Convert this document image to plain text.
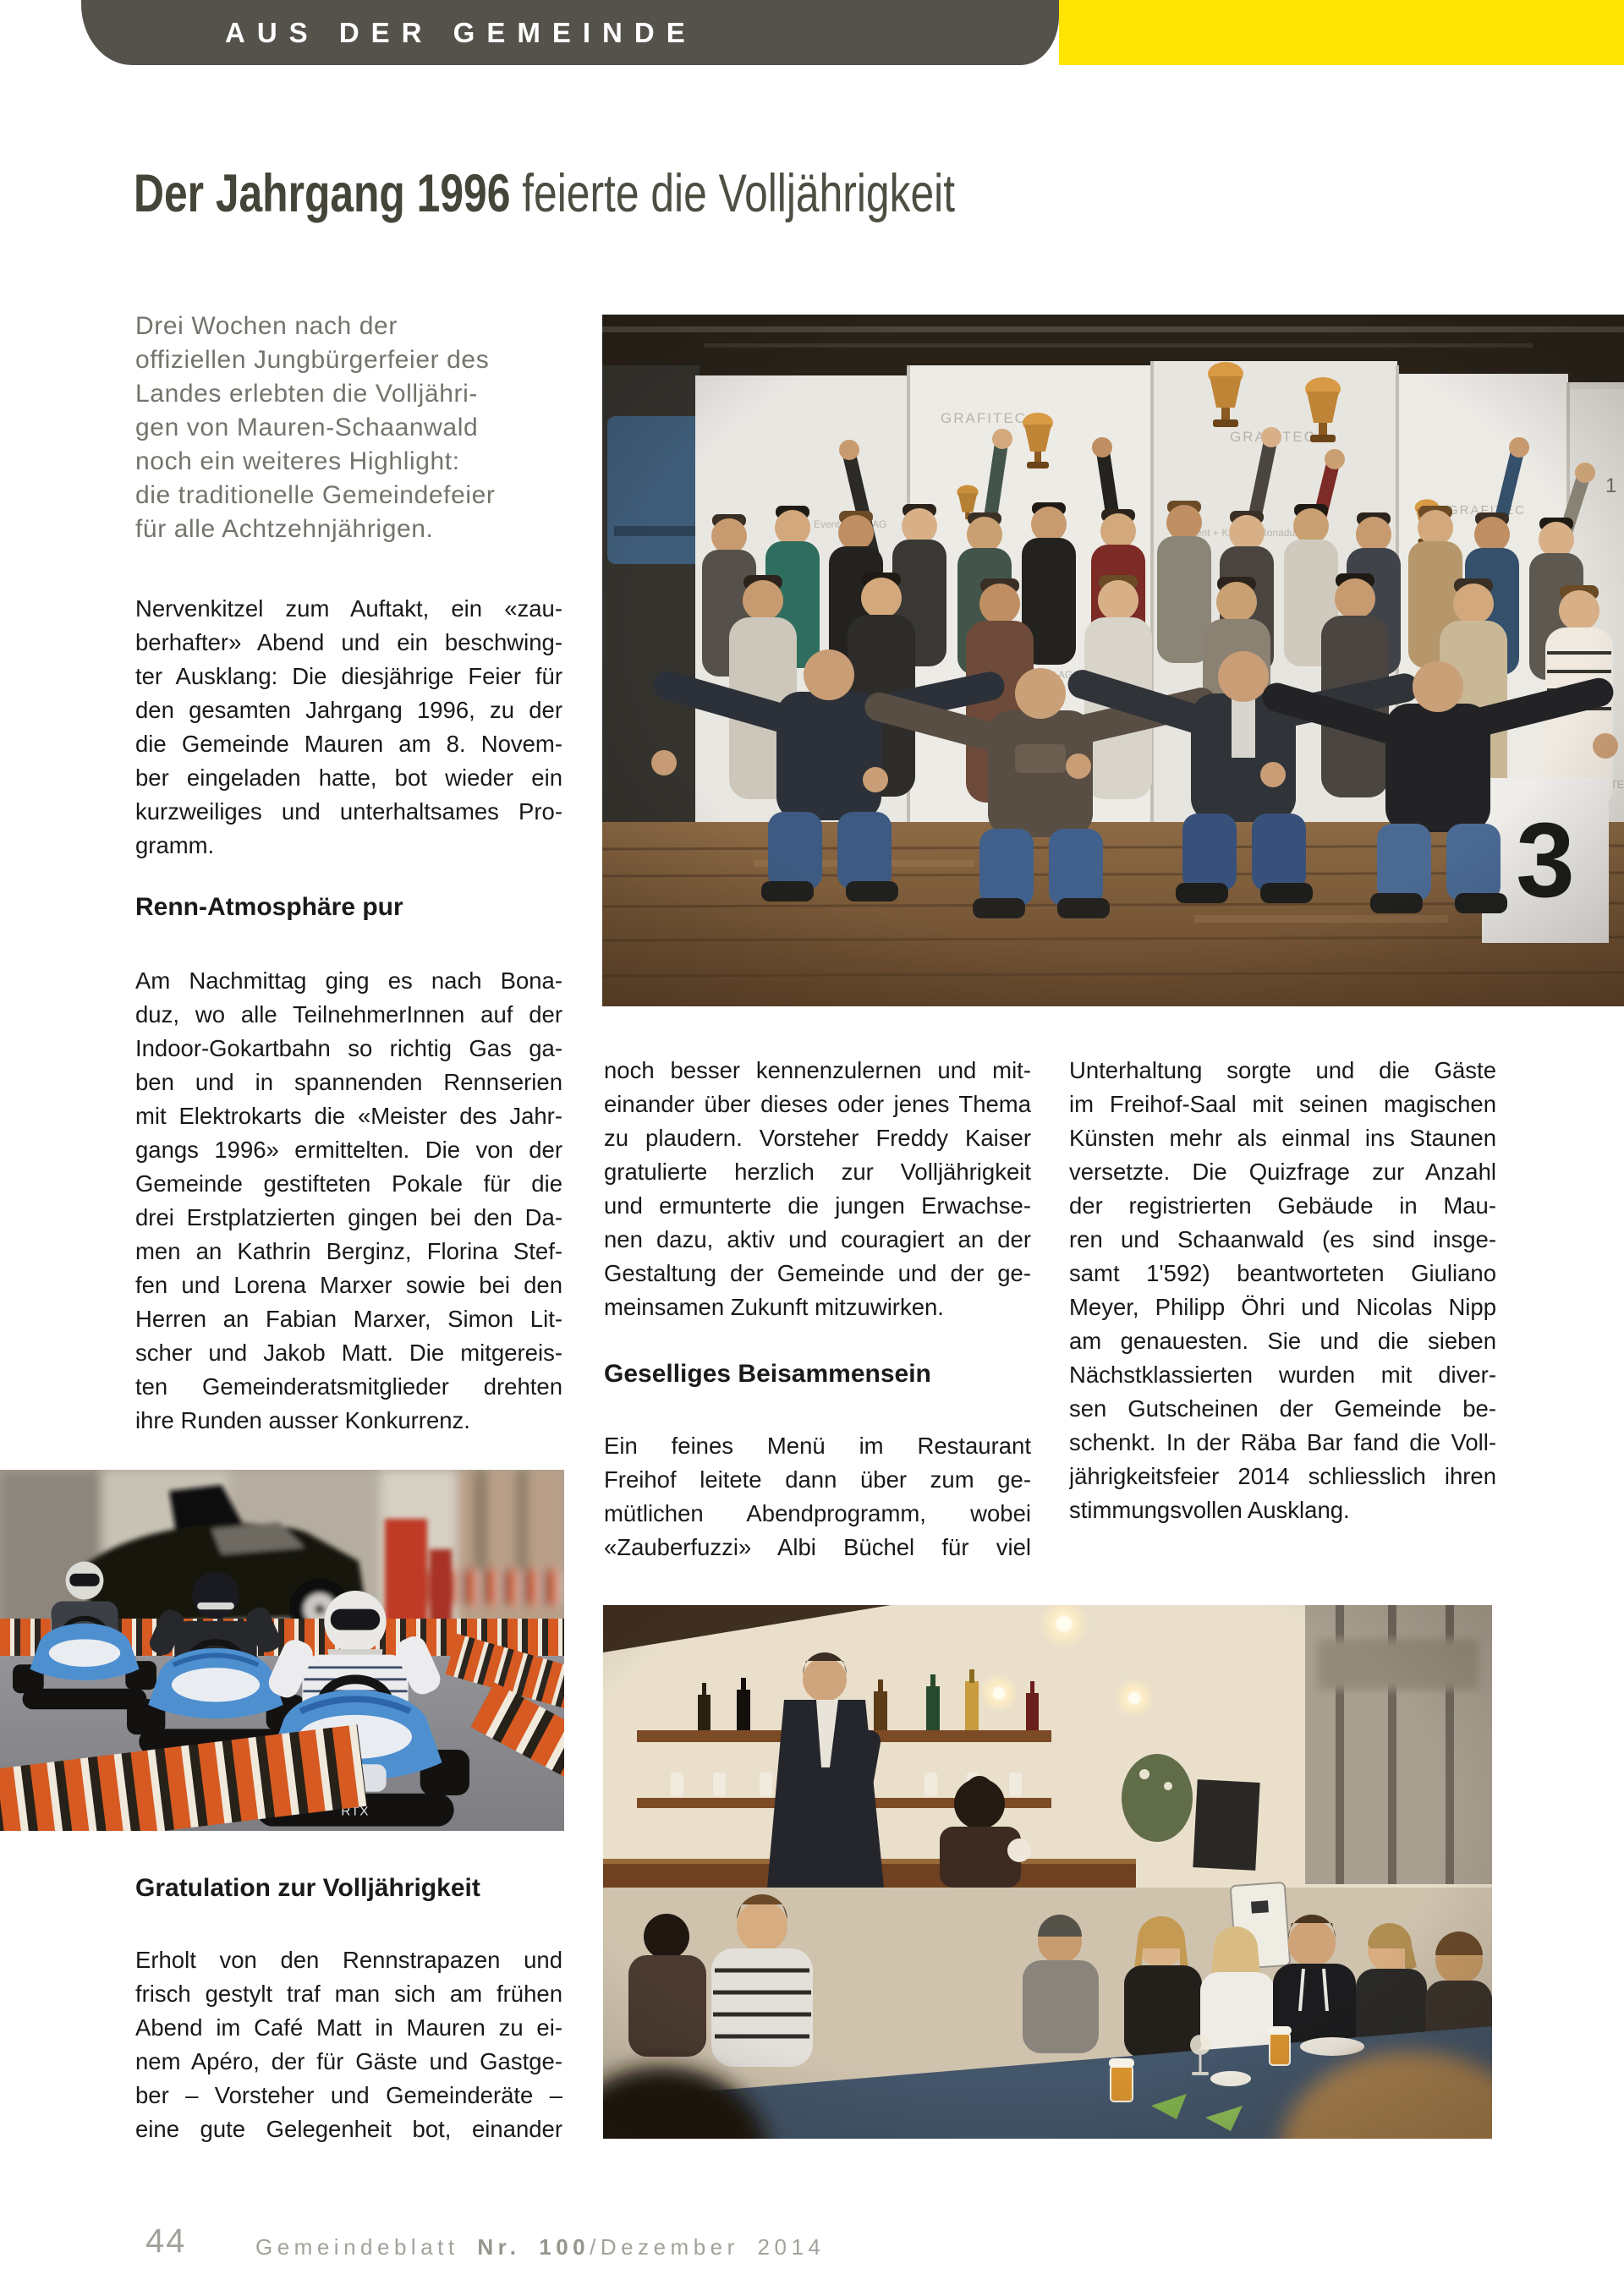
AUS DER GEMEINDE
Der Jahrgang 1996 feierte die Volljährigkeit
Drei Wochen nach der
offiziellen Jungbürgerfeier des
Landes erlebten die Volljähri-
gen von Mauren-Schaanwald
noch ein weiteres Highlight:
die traditionelle Gemeindefeier
für alle Achtzehnjährigen.
Nervenkitzel zum Auftakt, ein «zau-
berhafter» Abend und ein beschwing-
ter Ausklang: Die diesjährige Feier für
den gesamten Jahrgang 1996, zu der
die Gemeinde Mauren am 8. Novem-
ber eingeladen hatte, bot wieder ein
kurzweiliges und unterhaltsames Pro-
gramm.
Renn-Atmosphäre pur
Am Nachmittag ging es nach Bona-
duz, wo alle TeilnehmerInnen auf der
Indoor-Gokartbahn so richtig Gas ga-
ben und in spannenden Rennserien
mit Elektrokarts die «Meister des Jahr-
gangs 1996» ermittelten. Die von der
Gemeinde gestifteten Pokale für die
drei Erstplatzierten gingen bei den Da-
men an Kathrin Berginz, Florina Stef-
fen und Lorena Marxer sowie bei den
Herren an Fabian Marxer, Simon Lit-
scher und Jakob Matt. Die mitgereis-
ten Gemeinderatsmitglieder drehten
ihre Runden ausser Konkurrenz.
Gratulation zur Volljährigkeit
Erholt von den Rennstrapazen und
frisch gestylt traf man sich am frühen
Abend im Café Matt in Mauren zu ei-
nem Apéro, der für Gäste und Gastge-
ber – Vorsteher und Gemeinderäte –
eine gute Gelegenheit bot, einander
noch besser kennenzulernen und mit-
einander über dieses oder jenes Thema
zu plaudern. Vorsteher Freddy Kaiser
gratulierte herzlich zur Volljährigkeit
und ermunterte die jungen Erwachse-
nen dazu, aktiv und couragiert an der
Gestaltung der Gemeinde und der ge-
meinsamen Zukunft mitzuwirken.
Geselliges Beisammensein
Ein feines Menü im Restaurant
Freihof leitete dann über zum ge-
mütlichen Abendprogramm, wobei
«Zauberfuzzi» Albi Büchel für viel
Unterhaltung sorgte und die Gäste
im Freihof-Saal mit seinen magischen
Künsten mehr als einmal ins Staunen
versetzte. Die Quizfrage zur Anzahl
der registrierten Gebäude in Mau-
ren und Schaanwald (es sind insge-
samt 1'592) beantworteten Giuliano
Meyer, Philipp Öhri und Nicolas Nipp
am genauesten. Sie und die sieben
Nächstklassierten wurden mit diver-
sen Gutscheinen der Gemeinde be-
schenkt. In der Räba Bar fand die Voll-
jährigkeitsfeier 2014 schliesslich ihren
stimmungsvollen Ausklang.
RTX
44	Gemeindeblatt Nr. 100/Dezember 2014
